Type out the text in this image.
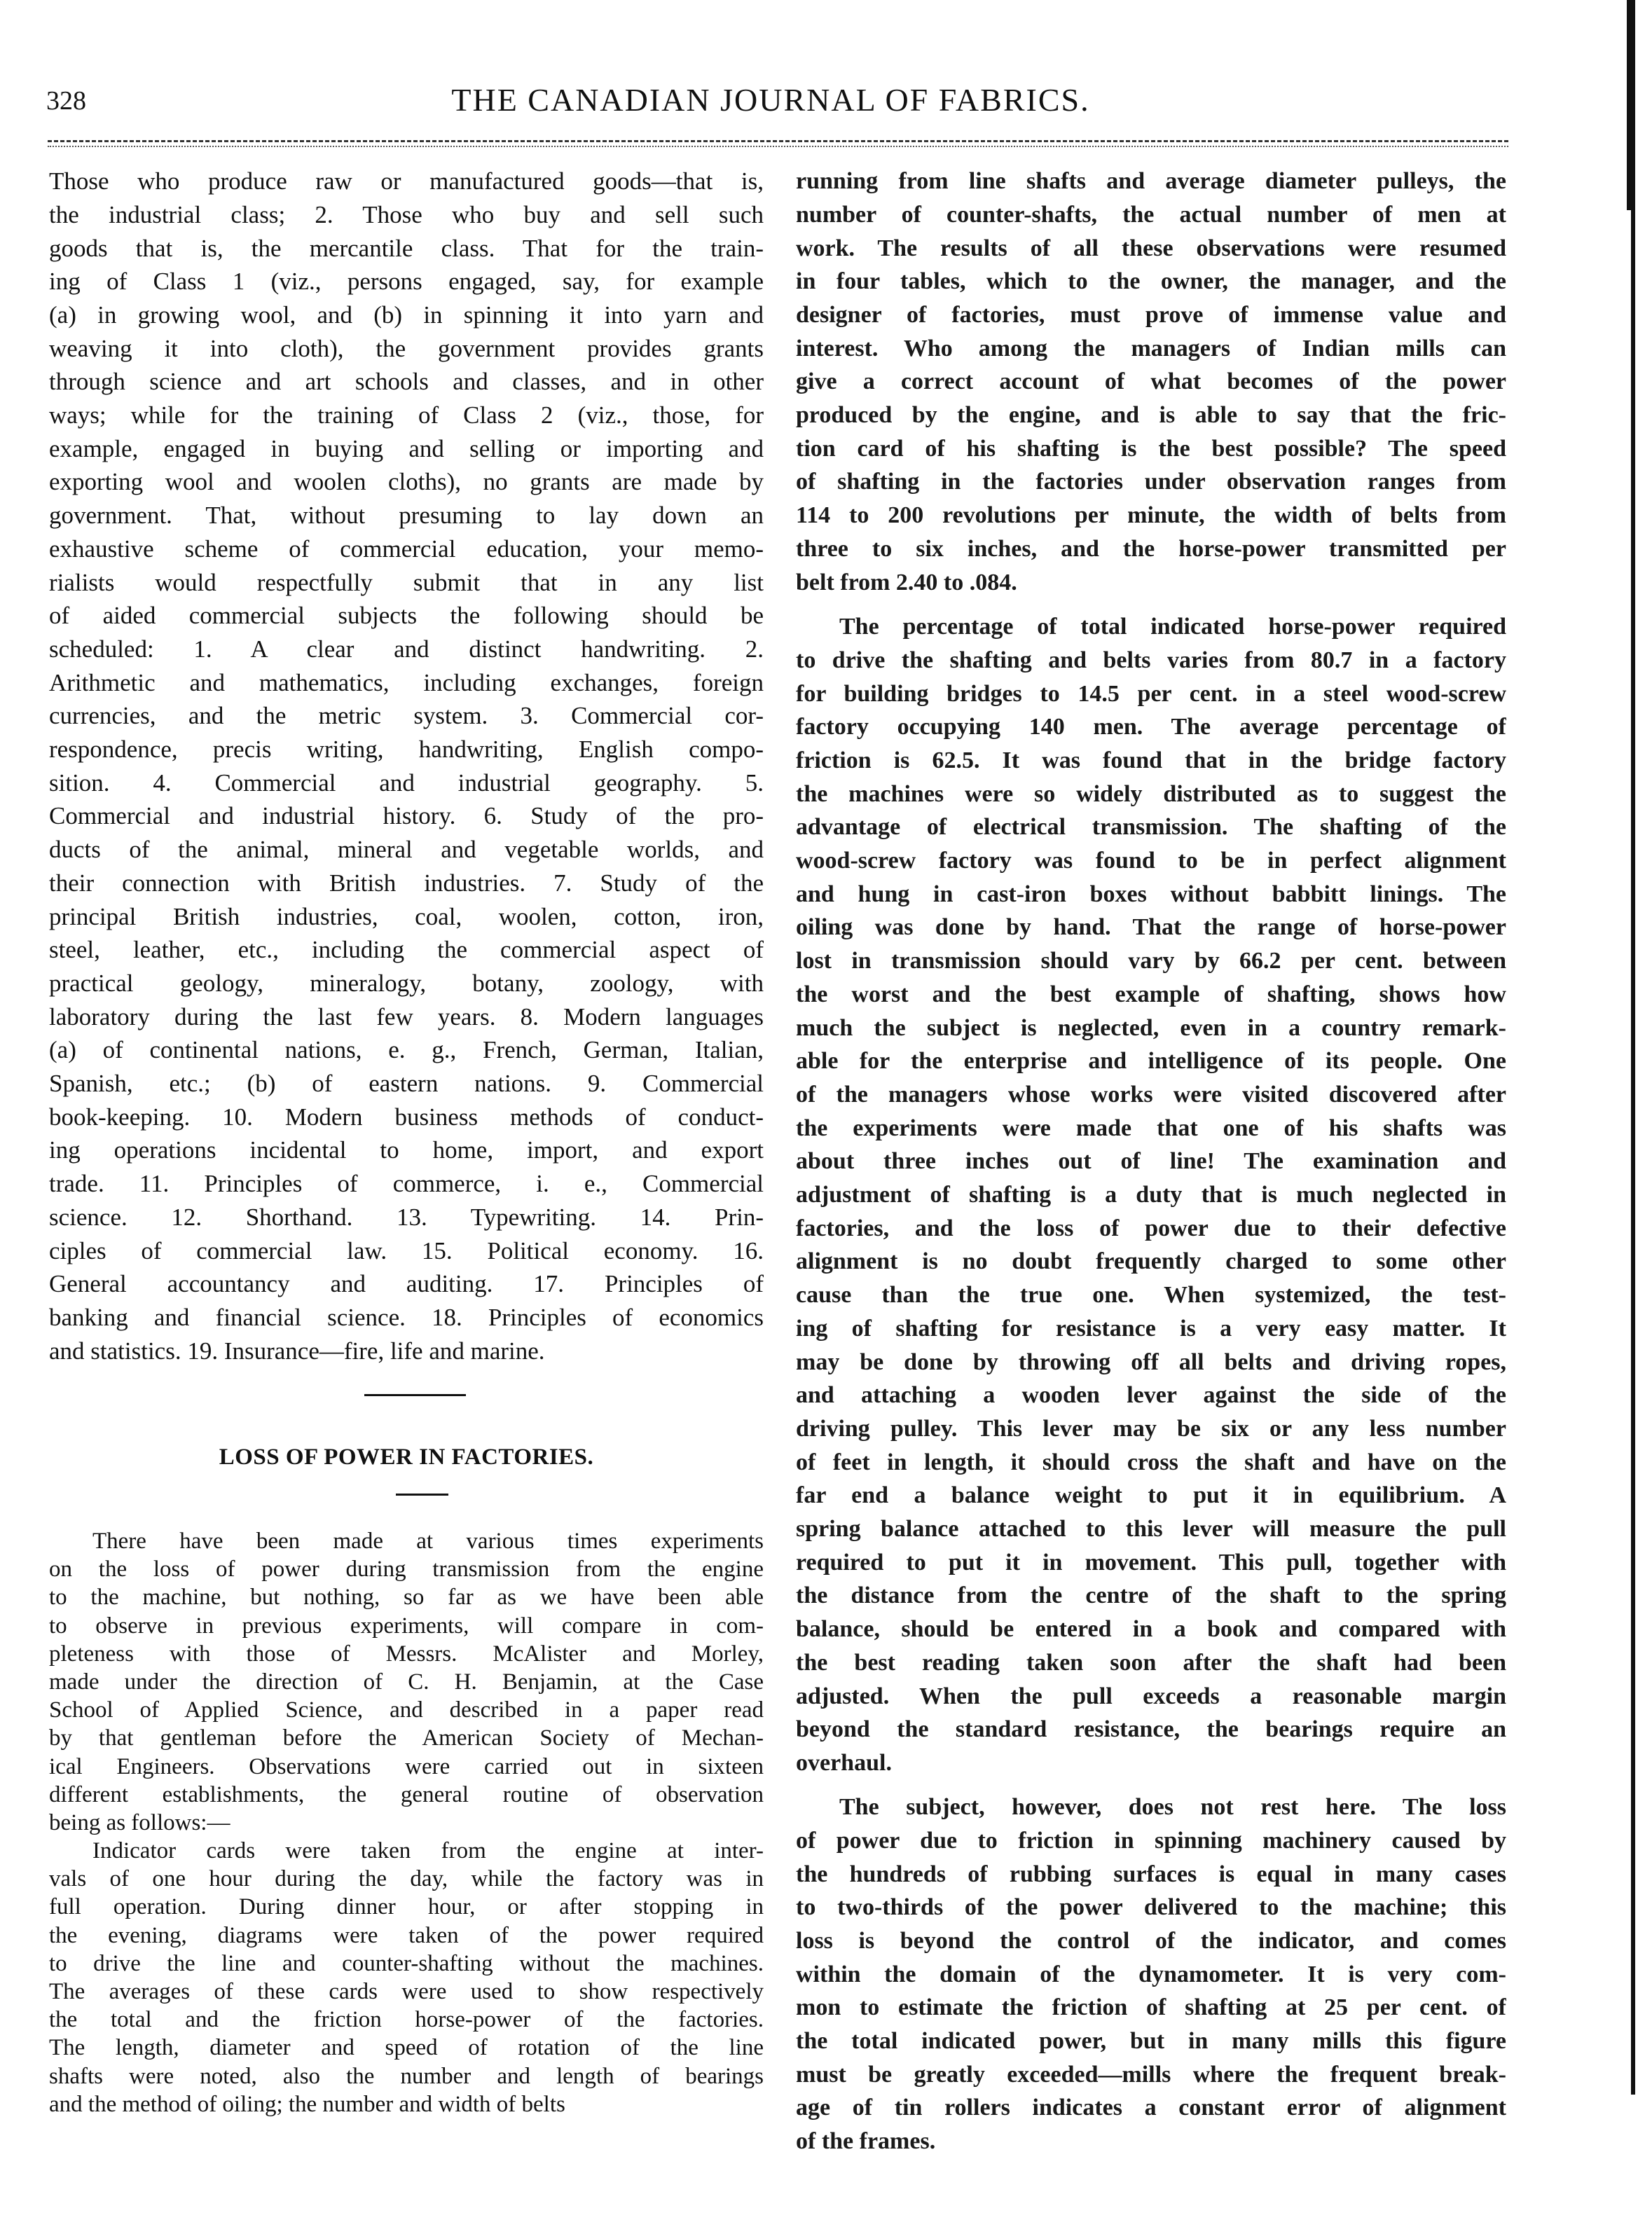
328	THE CANADIAN JOURNAL OF FABRICS.
Those who produce raw or manufactured goods—that is,
the industrial class; 2. Those who buy and sell such
goods that is, the mercantile class. That for the train-
ing of Class 1 (viz., persons engaged, say, for example
(a) in growing wool, and (b) in spinning it into yarn and
weaving it into cloth), the government provides grants
through science and art schools and classes, and in other
ways; while for the training of Class 2 (viz., those, for
example, engaged in buying and selling or importing and
exporting wool and woolen cloths), no grants are made by
government. That, without presuming to lay down an
exhaustive scheme of commercial education, your memo-
rialists would respectfully submit that in any list
of aided commercial subjects the following should be
scheduled: 1. A clear and distinct handwriting. 2.
Arithmetic and mathematics, including exchanges, foreign
currencies, and the metric system. 3. Commercial cor-
respondence, precis writing, handwriting, English compo-
sition. 4. Commercial and industrial geography. 5.
Commercial and industrial history. 6. Study of the pro-
ducts of the animal, mineral and vegetable worlds, and
their connection with British industries. 7. Study of the
principal British industries, coal, woolen, cotton, iron,
steel, leather, etc., including the commercial aspect of
practical geology, mineralogy, botany, zoology, with
laboratory during the last few years. 8. Modern languages
(a) of continental nations, e. g., French, German, Italian,
Spanish, etc.; (b) of eastern nations. 9. Commercial
book-keeping. 10. Modern business methods of conduct-
ing operations incidental to home, import, and export
trade. 11. Principles of commerce, i. e., Commercial
science. 12. Shorthand. 13. Typewriting. 14. Prin-
ciples of commercial law. 15. Political economy. 16.
General accountancy and auditing. 17. Principles of
banking and financial science. 18. Principles of economics
and statistics. 19. Insurance—fire, life and marine.
LOSS OF POWER IN FACTORIES.
There have been made at various times experiments
on the loss of power during transmission from the engine
to the machine, but nothing, so far as we have been able
to observe in previous experiments, will compare in com-
pleteness with those of Messrs. McAlister and Morley,
made under the direction of C. H. Benjamin, at the Case
School of Applied Science, and described in a paper read
by that gentleman before the American Society of Mechan-
ical Engineers. Observations were carried out in sixteen
different establishments, the general routine of observation
being as follows:—
Indicator cards were taken from the engine at inter-
vals of one hour during the day, while the factory was in
full operation. During dinner hour, or after stopping in
the evening, diagrams were taken of the power required
to drive the line and counter-shafting without the machines.
The averages of these cards were used to show respectively
the total and the friction horse-power of the factories.
The length, diameter and speed of rotation of the line
shafts were noted, also the number and length of bearings
and the method of oiling; the number and width of belts
running from line shafts and average diameter pulleys, the
number of counter-shafts, the actual number of men at
work. The results of all these observations were resumed
in four tables, which to the owner, the manager, and the
designer of factories, must prove of immense value and
interest. Who among the managers of Indian mills can
give a correct account of what becomes of the power
produced by the engine, and is able to say that the fric-
tion card of his shafting is the best possible? The speed
of shafting in the factories under observation ranges from
114 to 200 revolutions per minute, the width of belts from
three to six inches, and the horse-power transmitted per
belt from 2.40 to .084.
The percentage of total indicated horse-power required
to drive the shafting and belts varies from 80.7 in a factory
for building bridges to 14.5 per cent. in a steel wood-screw
factory occupying 140 men. The average percentage of
friction is 62.5. It was found that in the bridge factory
the machines were so widely distributed as to suggest the
advantage of electrical transmission. The shafting of the
wood-screw factory was found to be in perfect alignment
and hung in cast-iron boxes without babbitt linings. The
oiling was done by hand. That the range of horse-power
lost in transmission should vary by 66.2 per cent. between
the worst and the best example of shafting, shows how
much the subject is neglected, even in a country remark-
able for the enterprise and intelligence of its people. One
of the managers whose works were visited discovered after
the experiments were made that one of his shafts was
about three inches out of line! The examination and
adjustment of shafting is a duty that is much neglected in
factories, and the loss of power due to their defective
alignment is no doubt frequently charged to some other
cause than the true one. When systemized, the test-
ing of shafting for resistance is a very easy matter. It
may be done by throwing off all belts and driving ropes,
and attaching a wooden lever against the side of the
driving pulley. This lever may be six or any less number
of feet in length, it should cross the shaft and have on the
far end a balance weight to put it in equilibrium. A
spring balance attached to this lever will measure the pull
required to put it in movement. This pull, together with
the distance from the centre of the shaft to the spring
balance, should be entered in a book and compared with
the best reading taken soon after the shaft had been
adjusted. When the pull exceeds a reasonable margin
beyond the standard resistance, the bearings require an
overhaul.
The subject, however, does not rest here. The loss
of power due to friction in spinning machinery caused by
the hundreds of rubbing surfaces is equal in many cases
to two-thirds of the power delivered to the machine; this
loss is beyond the control of the indicator, and comes
within the domain of the dynamometer. It is very com-
mon to estimate the friction of shafting at 25 per cent. of
the total indicated power, but in many mills this figure
must be greatly exceeded—mills where the frequent break-
age of tin rollers indicates a constant error of alignment
of the frames.
